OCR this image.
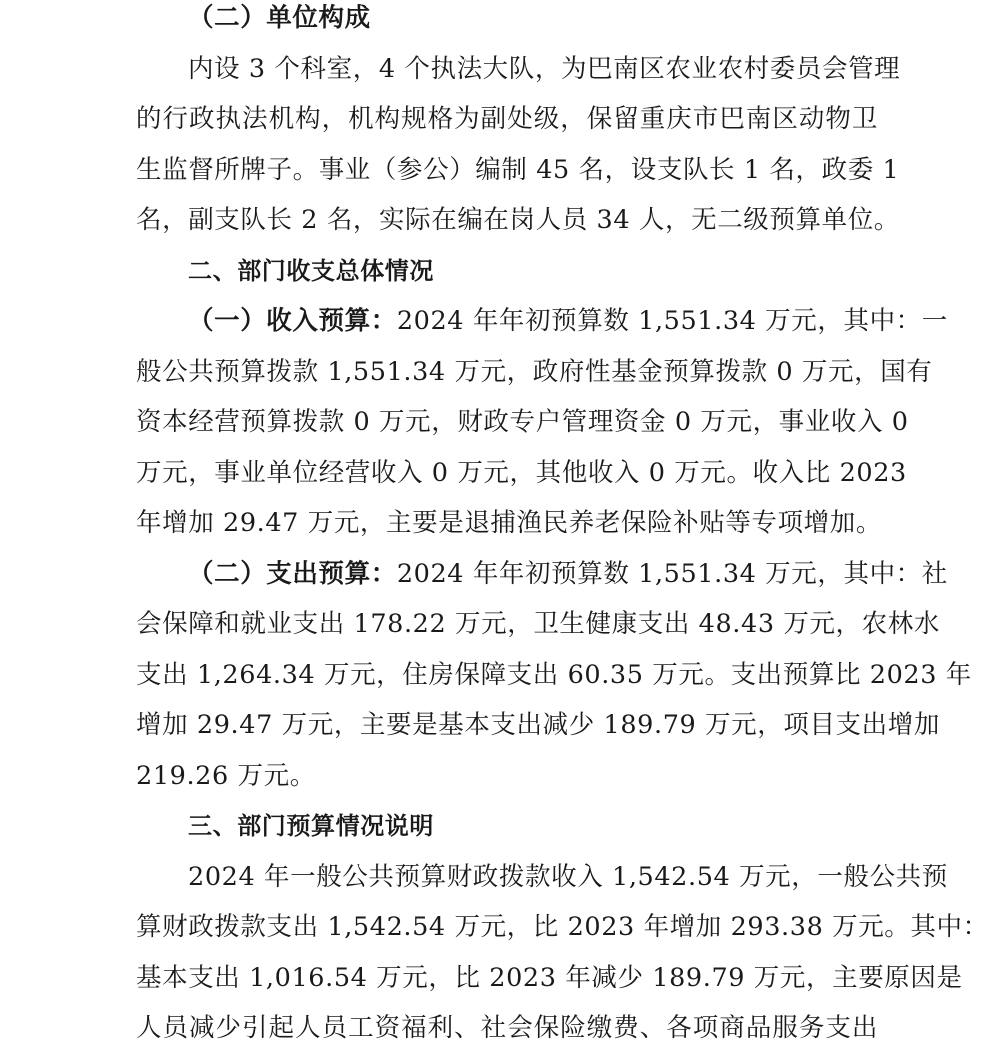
（二）单位构成
内设 3 个科室，4 个执法大队，为巴南区农业农村委员会管理
的行政执法机构，机构规格为副处级，保留重庆市巴南区动物卫
生监督所牌子。事业（参公）编制 45 名，设支队长 1 名，政委 1
名，副支队长 2 名，实际在编在岗人员 34 人，无二级预算单位。
二、部门收支总体情况
（一）收入预算：2024 年年初预算数 1,551.34 万元，其中：一
般公共预算拨款 1,551.34 万元，政府性基金预算拨款 0 万元，国有
资本经营预算拨款 0 万元，财政专户管理资金 0 万元，事业收入 0
万元，事业单位经营收入 0 万元，其他收入 0 万元。收入比 2023
年增加 29.47 万元，主要是退捕渔民养老保险补贴等专项增加。
（二）支出预算：2024 年年初预算数 1,551.34 万元，其中：社
会保障和就业支出 178.22 万元，卫生健康支出 48.43 万元，农林水
支出 1,264.34 万元，住房保障支出 60.35 万元。支出预算比 2023 年
增加 29.47 万元，主要是基本支出减少 189.79 万元，项目支出增加
219.26 万元。
三、部门预算情况说明
2024 年一般公共预算财政拨款收入 1,542.54 万元，一般公共预
算财政拨款支出 1,542.54 万元，比 2023 年增加 293.38 万元。其中：
基本支出 1,016.54 万元，比 2023 年减少 189.79 万元，主要原因是
人员减少引起人员工资福利、社会保险缴费、各项商品服务支出
